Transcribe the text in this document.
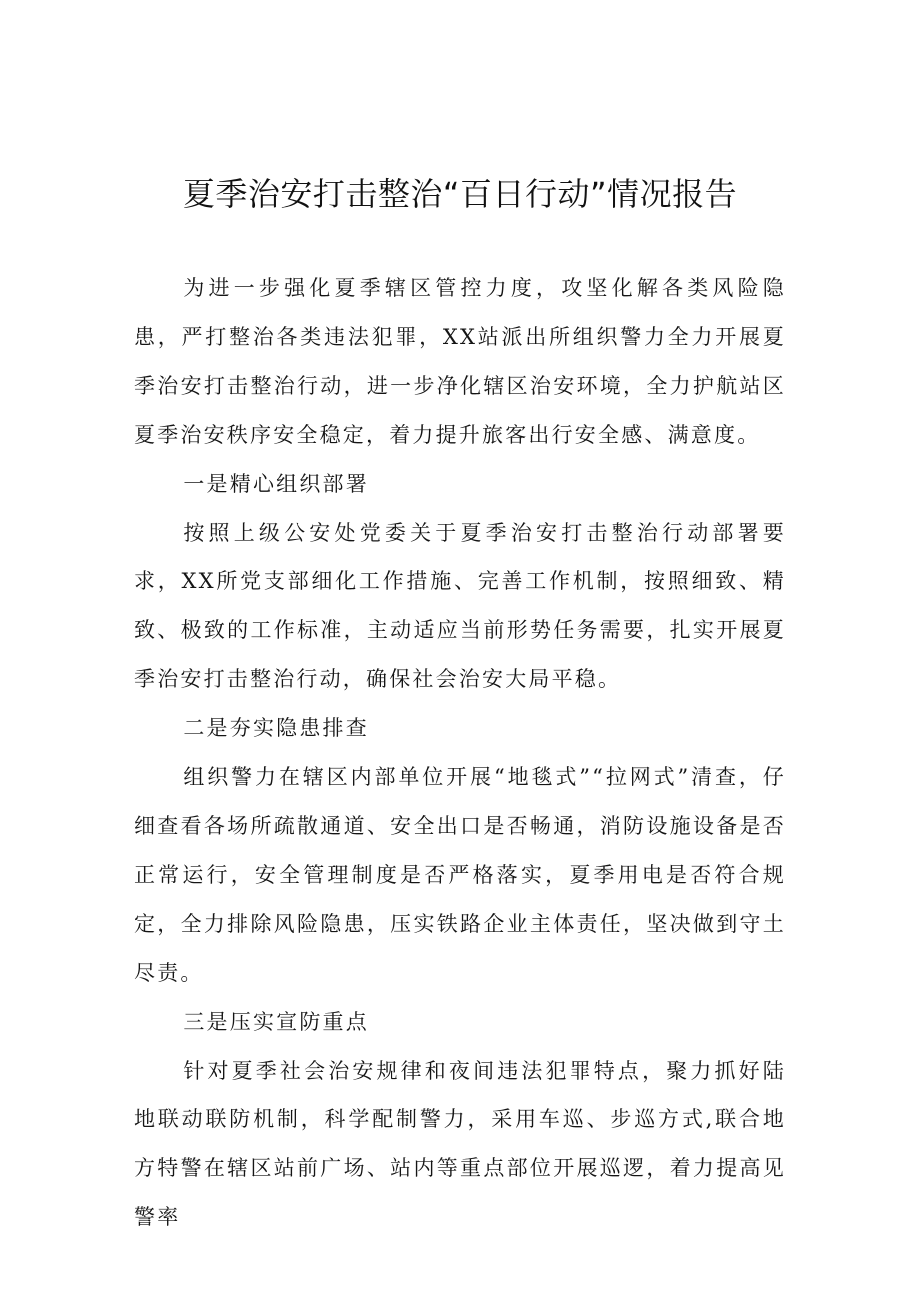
夏季治安打击整治“百日行动”情况报告

为进一步强化夏季辖区管控力度，攻坚化解各类风险隐患，严打整治各类违法犯罪，XX站派出所组织警力全力开展夏季治安打击整治行动，进一步净化辖区治安环境，全力护航站区夏季治安秩序安全稳定，着力提升旅客出行安全感、满意度。

一是精心组织部署

按照上级公安处党委关于夏季治安打击整治行动部署要求，XX所党支部细化工作措施、完善工作机制，按照细致、精致、极致的工作标准，主动适应当前形势任务需要，扎实开展夏季治安打击整治行动，确保社会治安大局平稳。

二是夯实隐患排查

组织警力在辖区内部单位开展“地毯式”“拉网式”清查，仔细查看各场所疏散通道、安全出口是否畅通，消防设施设备是否正常运行，安全管理制度是否严格落实，夏季用电是否符合规定，全力排除风险隐患，压实铁路企业主体责任，坚决做到守土尽责。

三是压实宣防重点

针对夏季社会治安规律和夜间违法犯罪特点，聚力抓好陆地联动联防机制，科学配制警力，采用车巡、步巡方式,联合地方特警在辖区站前广场、站内等重点部位开展巡逻，着力提高见警率
